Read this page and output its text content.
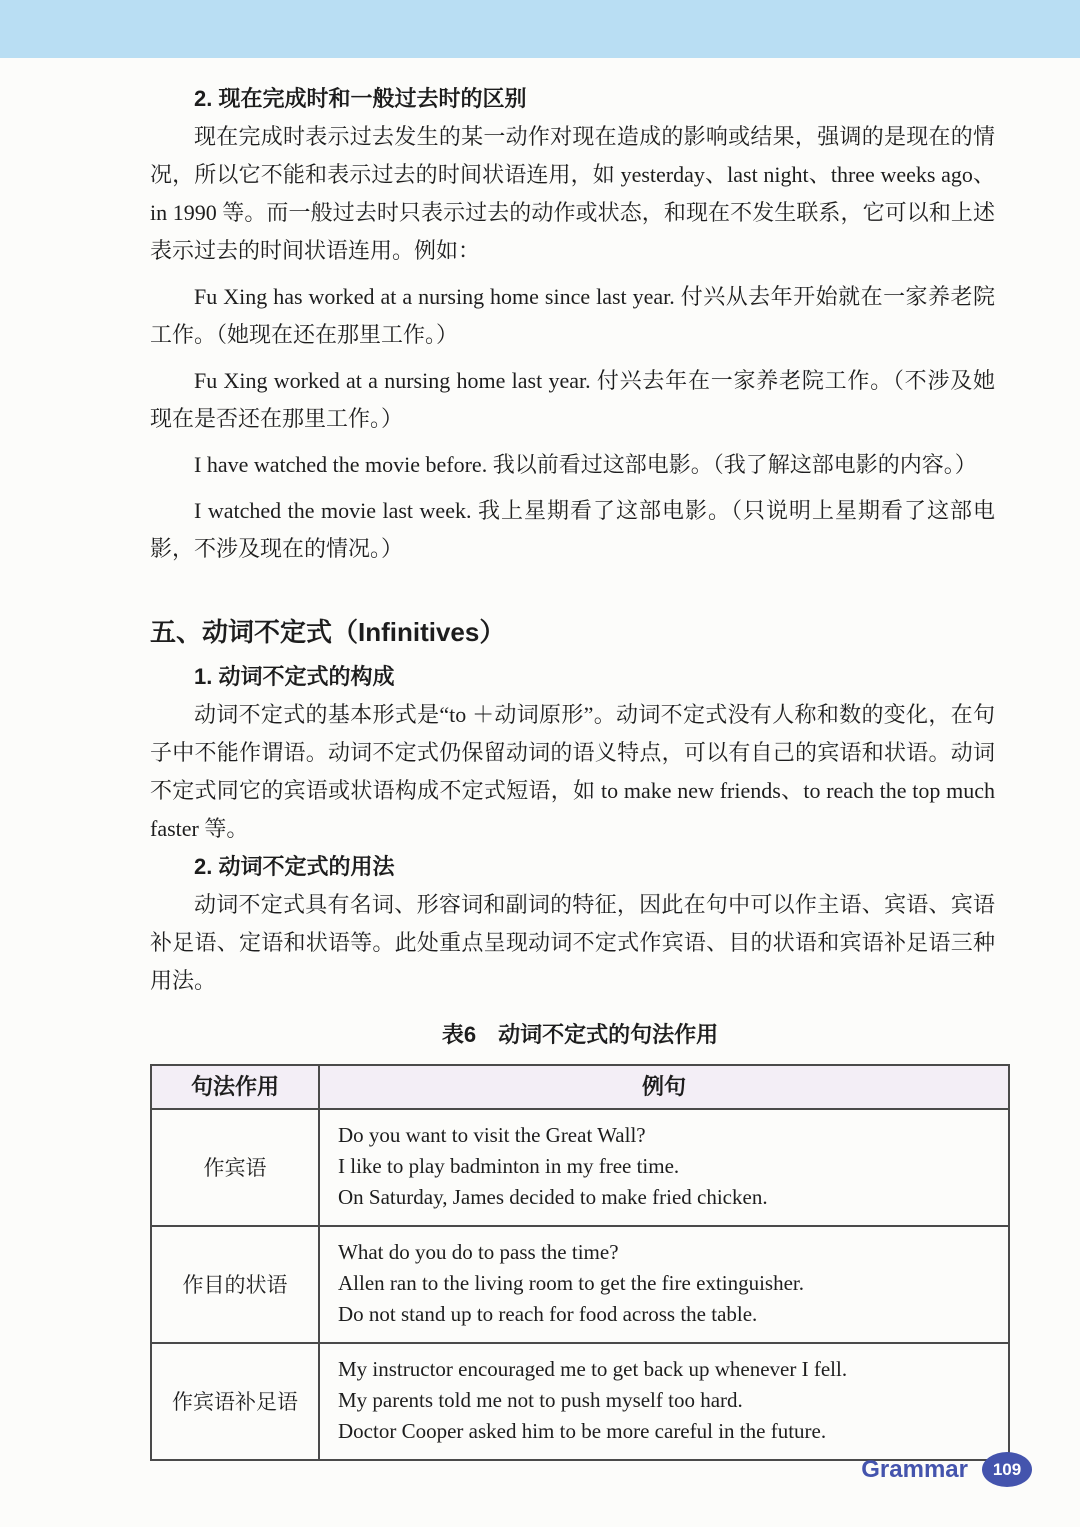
2. 现在完成时和一般过去时的区别

现在完成时表示过去发生的某一动作对现在造成的影响或结果，强调的是现在的情况，所以它不能和表示过去的时间状语连用，如 yesterday、last night、three weeks ago、in 1990 等。而一般过去时只表示过去的动作或状态，和现在不发生联系，它可以和上述表示过去的时间状语连用。例如：

Fu Xing has worked at a nursing home since last year. 付兴从去年开始就在一家养老院工作。（她现在还在那里工作。）

Fu Xing worked at a nursing home last year. 付兴去年在一家养老院工作。（不涉及她现在是否还在那里工作。）

I have watched the movie before. 我以前看过这部电影。（我了解这部电影的内容。）

I watched the movie last week. 我上星期看了这部电影。（只说明上星期看了这部电影，不涉及现在的情况。）

五、动词不定式（Infinitives）
1. 动词不定式的构成

动词不定式的基本形式是“to ＋动词原形”。动词不定式没有人称和数的变化，在句子中不能作谓语。动词不定式仍保留动词的语义特点，可以有自己的宾语和状语。动词不定式同它的宾语或状语构成不定式短语，如 to make new friends、to reach the top much faster 等。

2. 动词不定式的用法

动词不定式具有名词、形容词和副词的特征，因此在句中可以作主语、宾语、宾语补足语、定语和状语等。此处重点呈现动词不定式作宾语、目的状语和宾语补足语三种用法。

表6　动词不定式的句法作用
句法作用	例句
作宾语	Do you want to visit the Great Wall?
I like to play badminton in my free time.
On Saturday, James decided to make fried chicken.

作目的状语	What do you do to pass the time?
Allen ran to the living room to get the fire extinguisher.
Do not stand up to reach for food across the table.

作宾语补足语	My instructor encouraged me to get back up whenever I fell.
My parents told me not to push myself too hard.
Doctor Cooper asked him to be more careful in the future.
Grammar	109
